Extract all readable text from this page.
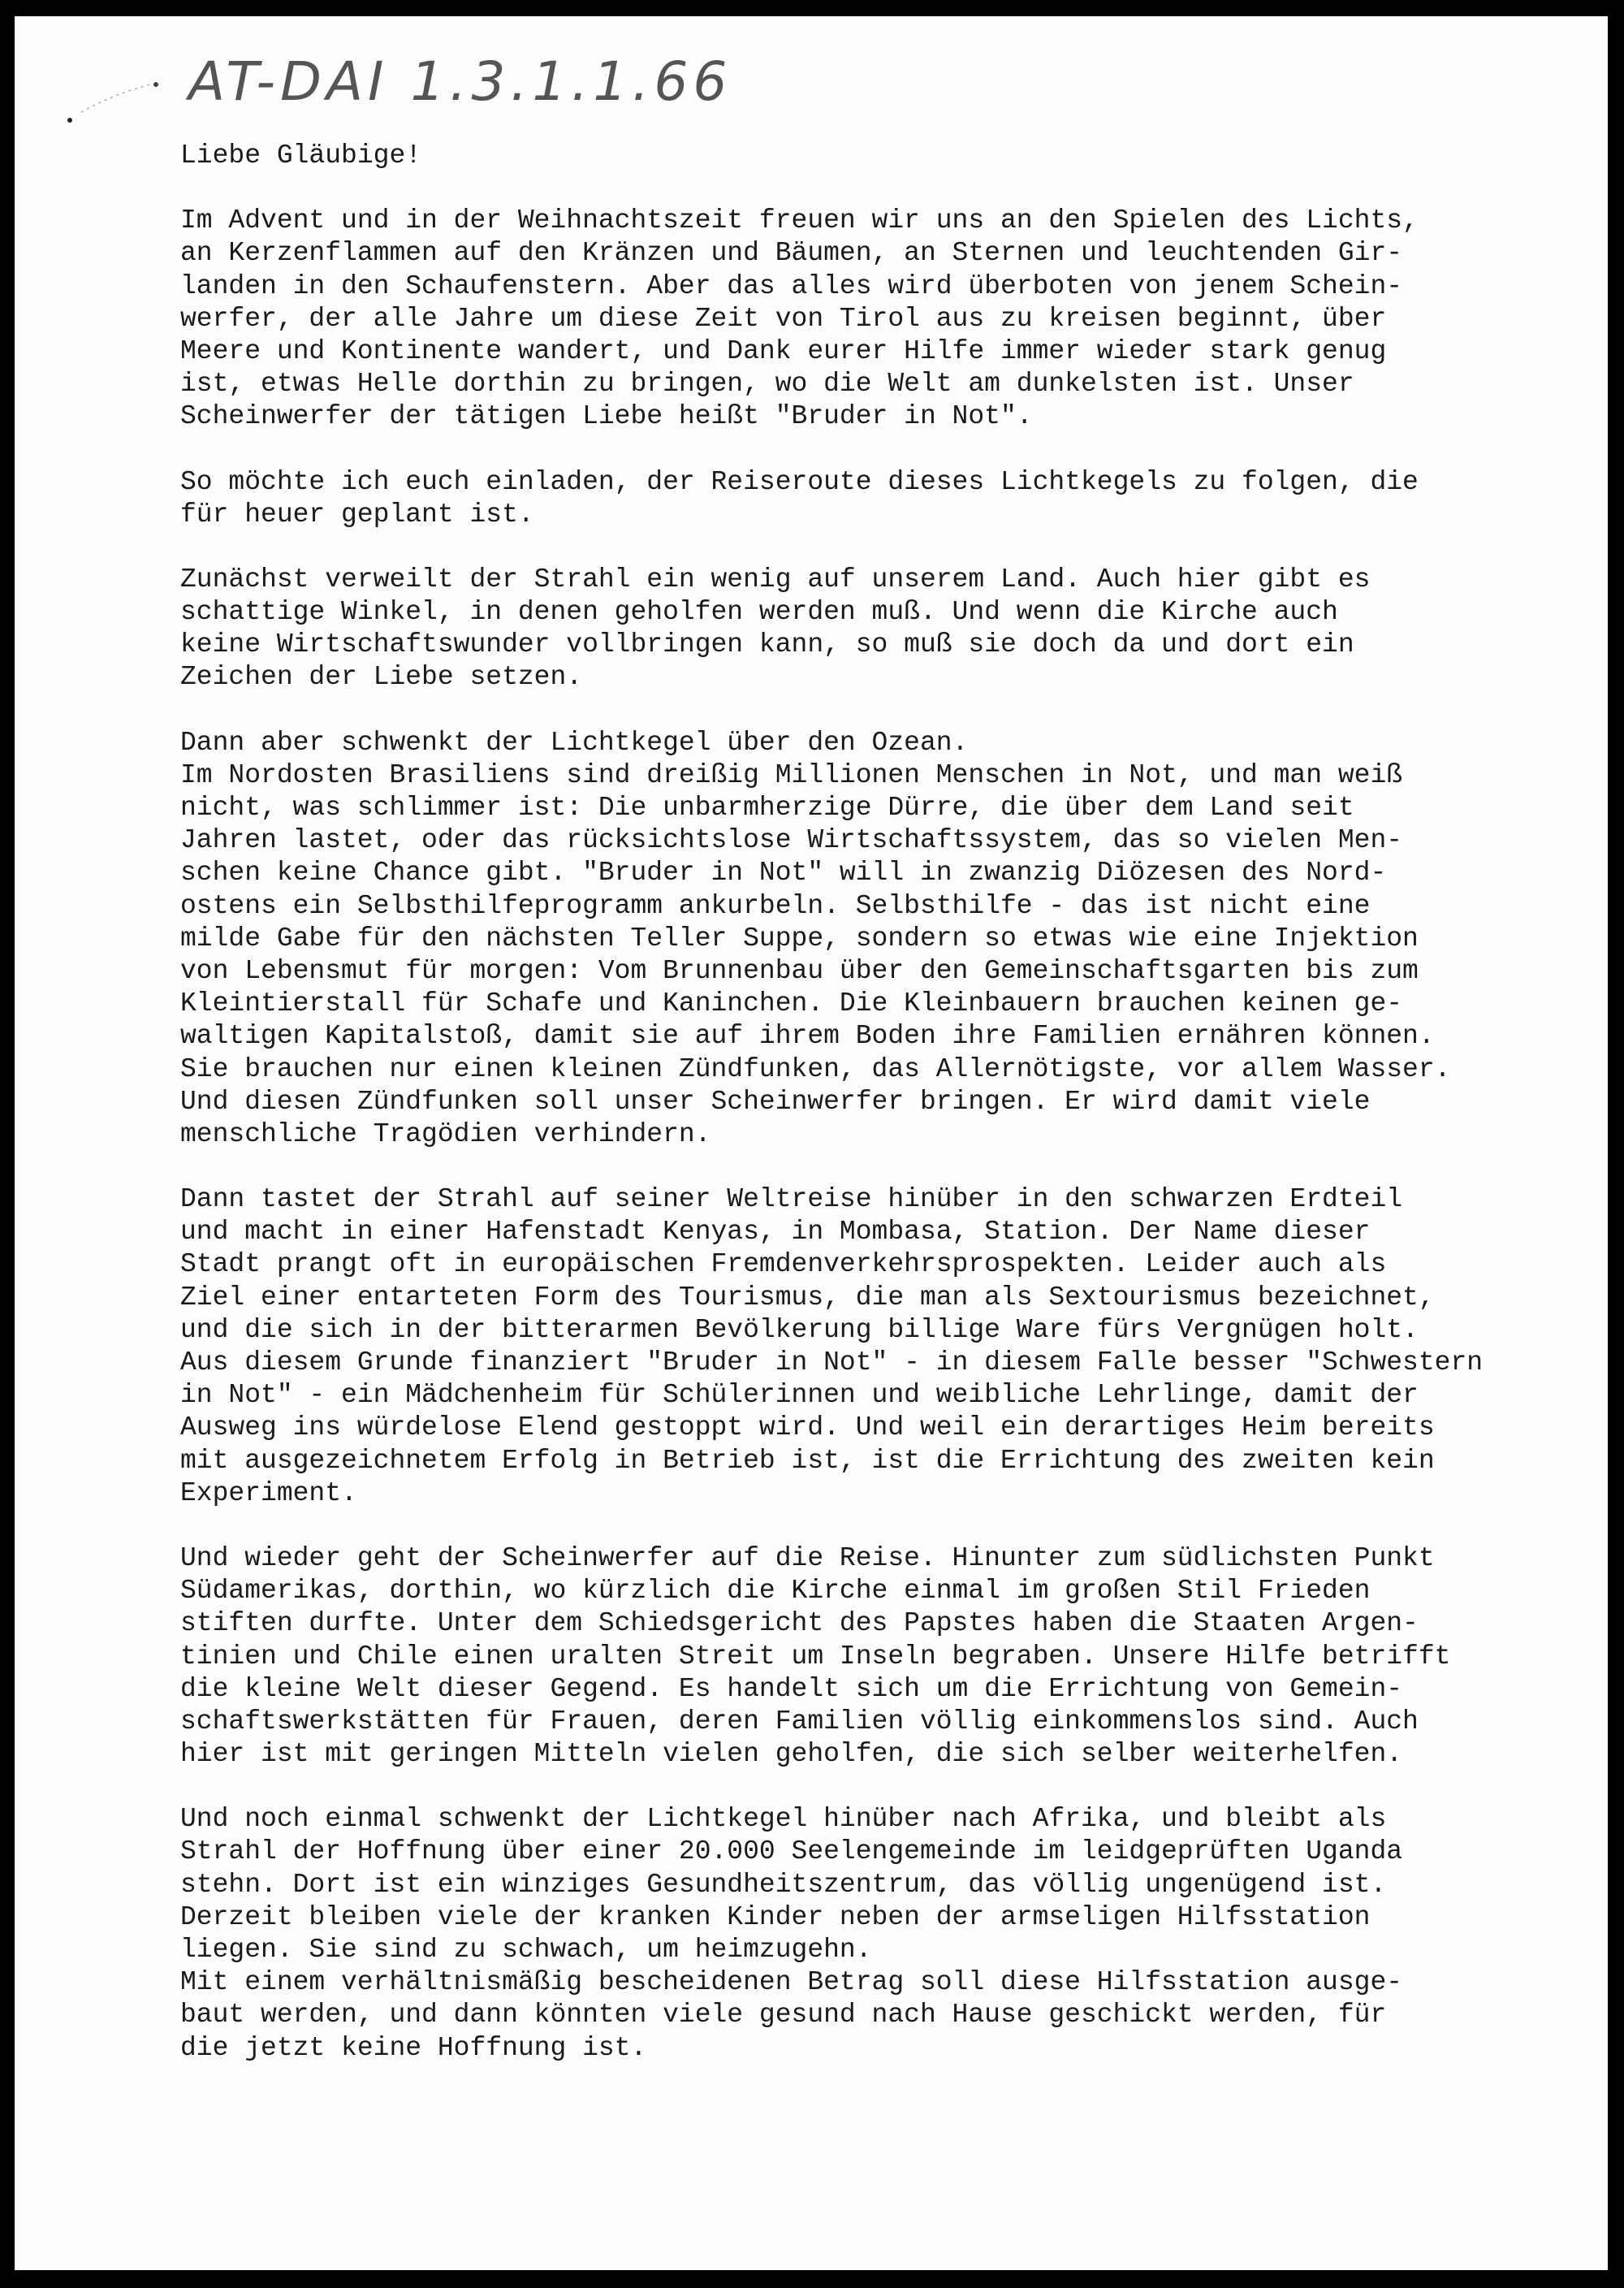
AT-DAI 1.3.1.1.66
Liebe Gläubige!
Im Advent und in der Weihnachtszeit freuen wir uns an den Spielen des Lichts,
an Kerzenflammen auf den Kränzen und Bäumen, an Sternen und leuchtenden Gir-
landen in den Schaufenstern. Aber das alles wird überboten von jenem Schein-
werfer, der alle Jahre um diese Zeit von Tirol aus zu kreisen beginnt, über
Meere und Kontinente wandert, und Dank eurer Hilfe immer wieder stark genug
ist, etwas Helle dorthin zu bringen, wo die Welt am dunkelsten ist. Unser
Scheinwerfer der tätigen Liebe heißt "Bruder in Not".
So möchte ich euch einladen, der Reiseroute dieses Lichtkegels zu folgen, die
für heuer geplant ist.
Zunächst verweilt der Strahl ein wenig auf unserem Land. Auch hier gibt es
schattige Winkel, in denen geholfen werden muß. Und wenn die Kirche auch
keine Wirtschaftswunder vollbringen kann, so muß sie doch da und dort ein
Zeichen der Liebe setzen.
Dann aber schwenkt der Lichtkegel über den Ozean.
Im Nordosten Brasiliens sind dreißig Millionen Menschen in Not, und man weiß
nicht, was schlimmer ist: Die unbarmherzige Dürre, die über dem Land seit
Jahren lastet, oder das rücksichtslose Wirtschaftssystem, das so vielen Men-
schen keine Chance gibt. "Bruder in Not" will in zwanzig Diözesen des Nord-
ostens ein Selbsthilfeprogramm ankurbeln. Selbsthilfe - das ist nicht eine
milde Gabe für den nächsten Teller Suppe, sondern so etwas wie eine Injektion
von Lebensmut für morgen: Vom Brunnenbau über den Gemeinschaftsgarten bis zum
Kleintierstall für Schafe und Kaninchen. Die Kleinbauern brauchen keinen ge-
waltigen Kapitalstoß, damit sie auf ihrem Boden ihre Familien ernähren können.
Sie brauchen nur einen kleinen Zündfunken, das Allernötigste, vor allem Wasser.
Und diesen Zündfunken soll unser Scheinwerfer bringen. Er wird damit viele
menschliche Tragödien verhindern.
Dann tastet der Strahl auf seiner Weltreise hinüber in den schwarzen Erdteil
und macht in einer Hafenstadt Kenyas, in Mombasa, Station. Der Name dieser
Stadt prangt oft in europäischen Fremdenverkehrsprospekten. Leider auch als
Ziel einer entarteten Form des Tourismus, die man als Sextourismus bezeichnet,
und die sich in der bitterarmen Bevölkerung billige Ware fürs Vergnügen holt.
Aus diesem Grunde finanziert "Bruder in Not" - in diesem Falle besser "Schwestern
in Not" - ein Mädchenheim für Schülerinnen und weibliche Lehrlinge, damit der
Ausweg ins würdelose Elend gestoppt wird. Und weil ein derartiges Heim bereits
mit ausgezeichnetem Erfolg in Betrieb ist, ist die Errichtung des zweiten kein
Experiment.
Und wieder geht der Scheinwerfer auf die Reise. Hinunter zum südlichsten Punkt
Südamerikas, dorthin, wo kürzlich die Kirche einmal im großen Stil Frieden
stiften durfte. Unter dem Schiedsgericht des Papstes haben die Staaten Argen-
tinien und Chile einen uralten Streit um Inseln begraben. Unsere Hilfe betrifft
die kleine Welt dieser Gegend. Es handelt sich um die Errichtung von Gemein-
schaftswerkstätten für Frauen, deren Familien völlig einkommenslos sind. Auch
hier ist mit geringen Mitteln vielen geholfen, die sich selber weiterhelfen.
Und noch einmal schwenkt der Lichtkegel hinüber nach Afrika, und bleibt als
Strahl der Hoffnung über einer 20.000 Seelengemeinde im leidgeprüften Uganda
stehn. Dort ist ein winziges Gesundheitszentrum, das völlig ungenügend ist.
Derzeit bleiben viele der kranken Kinder neben der armseligen Hilfsstation
liegen. Sie sind zu schwach, um heimzugehn.
Mit einem verhältnismäßig bescheidenen Betrag soll diese Hilfsstation ausge-
baut werden, und dann könnten viele gesund nach Hause geschickt werden, für
die jetzt keine Hoffnung ist.
